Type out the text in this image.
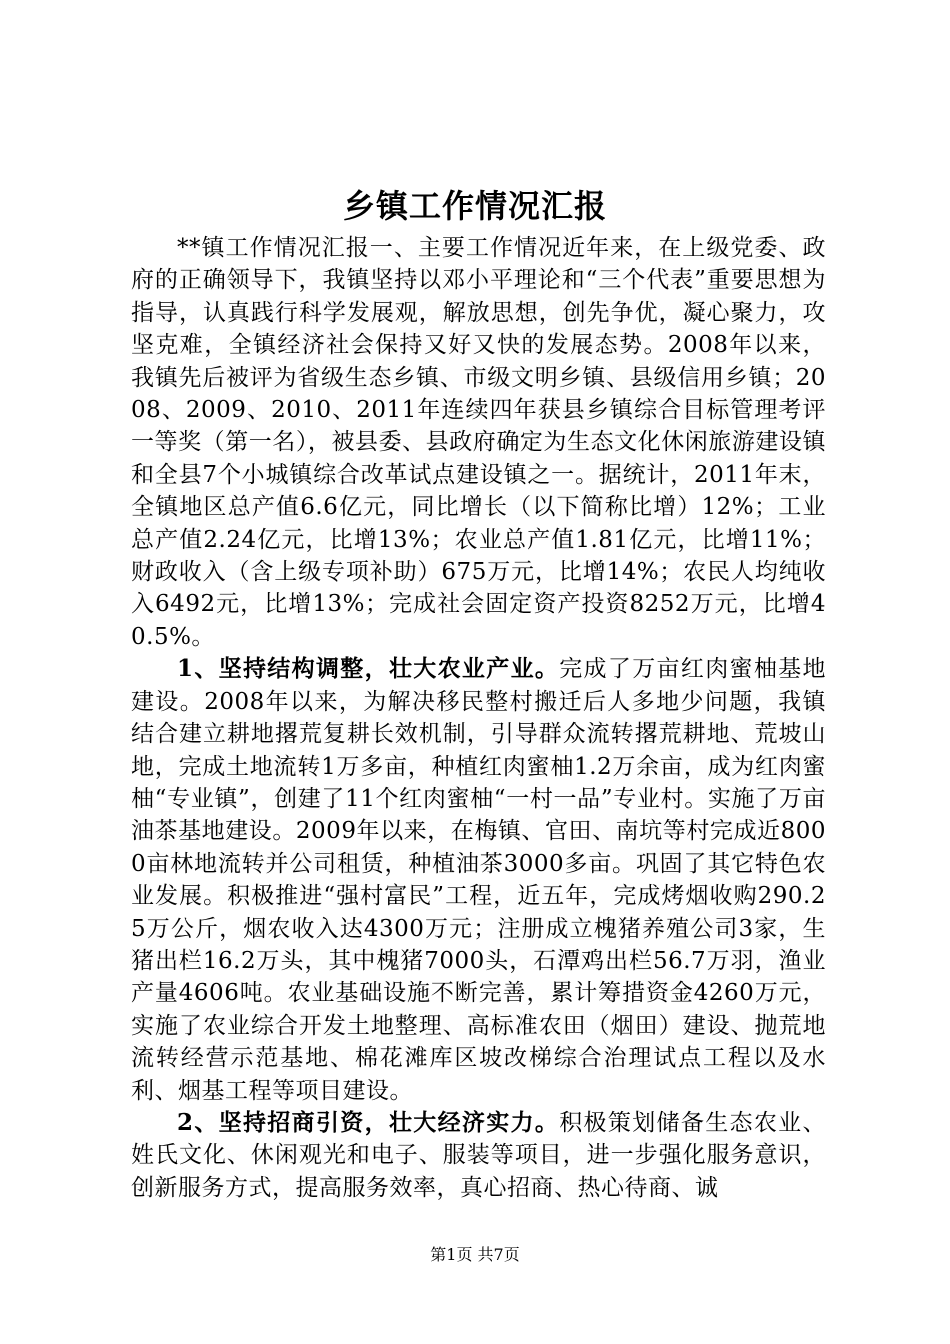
乡镇工作情况汇报

**镇工作情况汇报一、主要工作情况近年来，在上级党委、政府的正确领导下，我镇坚持以邓小平理论和“三个代表”重要思想为指导，认真践行科学发展观，解放思想，创先争优，凝心聚力，攻坚克难，全镇经济社会保持又好又快的发展态势。2008年以来，我镇先后被评为省级生态乡镇、市级文明乡镇、县级信用乡镇；2008、2009、2010、2011年连续四年获县乡镇综合目标管理考评一等奖（第一名），被县委、县政府确定为生态文化休闲旅游建设镇和全县7个小城镇综合改革试点建设镇之一。据统计，2011年末，全镇地区总产值6.6亿元，同比增长（以下简称比增）12%；工业总产值2.24亿元，比增13%；农业总产值1.81亿元，比增11%；财政收入（含上级专项补助）675万元，比增14%；农民人均纯收入6492元，比增13%；完成社会固定资产投资8252万元，比增40.5%。

1、坚持结构调整，壮大农业产业。完成了万亩红肉蜜柚基地建设。2008年以来，为解决移民整村搬迁后人多地少问题，我镇结合建立耕地撂荒复耕长效机制，引导群众流转撂荒耕地、荒坡山地，完成土地流转1万多亩，种植红肉蜜柚1.2万余亩，成为红肉蜜柚“专业镇”，创建了11个红肉蜜柚“一村一品”专业村。实施了万亩油茶基地建设。2009年以来，在梅镇、官田、南坑等村完成近8000亩林地流转并公司租赁，种植油茶3000多亩。巩固了其它特色农业发展。积极推进“强村富民”工程，近五年，完成烤烟收购290.25万公斤，烟农收入达4300万元；注册成立槐猪养殖公司3家，生猪出栏16.2万头，其中槐猪7000头，石潭鸡出栏56.7万羽，渔业产量4606吨。农业基础设施不断完善，累计筹措资金4260万元，实施了农业综合开发土地整理、高标准农田（烟田）建设、抛荒地流转经营示范基地、棉花滩库区坡改梯综合治理试点工程以及水利、烟基工程等项目建设。

2、坚持招商引资，壮大经济实力。积极策划储备生态农业、姓氏文化、休闲观光和电子、服装等项目，进一步强化服务意识，创新服务方式，提高服务效率，真心招商、热心待商、诚

第1页 共7页
